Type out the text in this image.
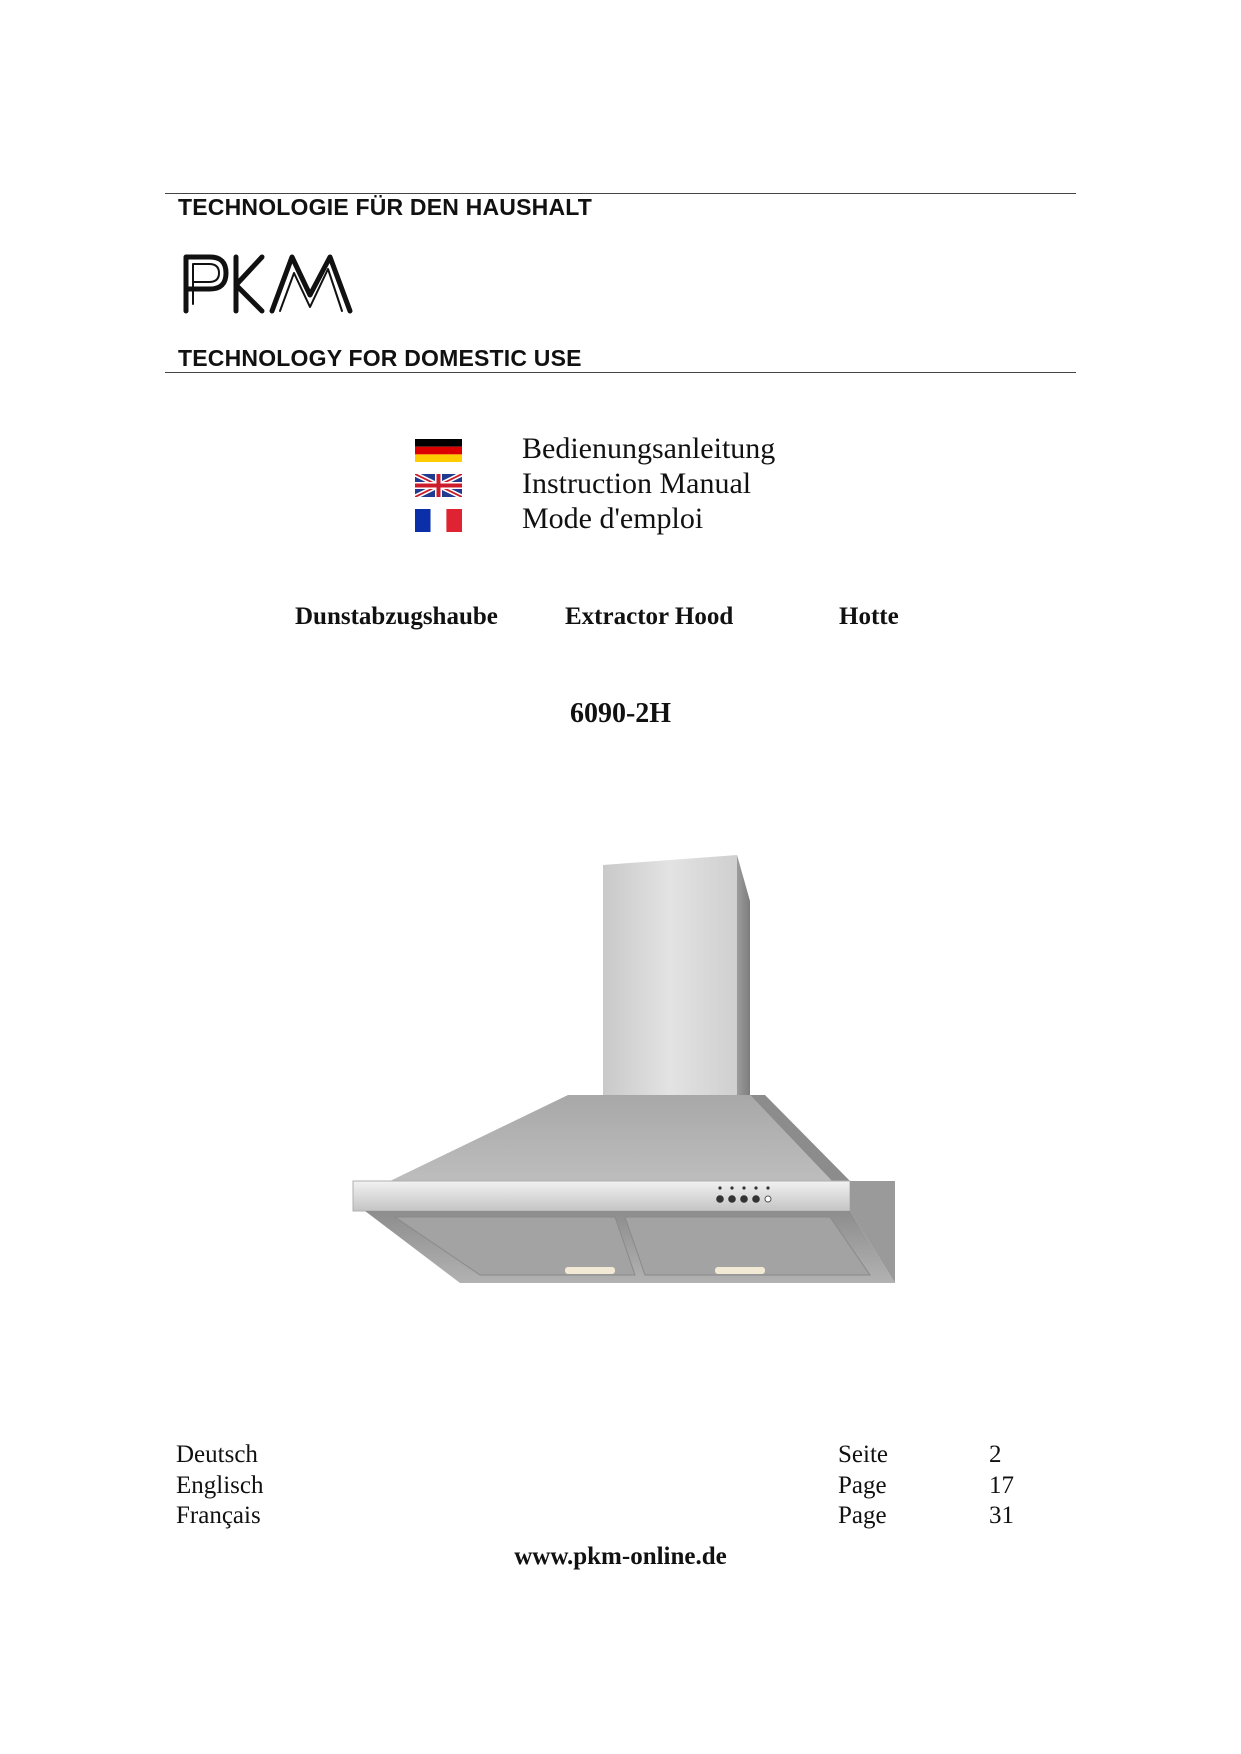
TECHNOLOGIE FÜR DEN HAUSHALT
TECHNOLOGY FOR DOMESTIC USE
Bedienungsanleitung
Instruction Manual
Mode d'emploi
Dunstabzugshaube	Extractor Hood	Hotte
6090-2H
Deutsch	Seite	2
Englisch	Page	17
Français	Page	31
www.pkm-online.de
